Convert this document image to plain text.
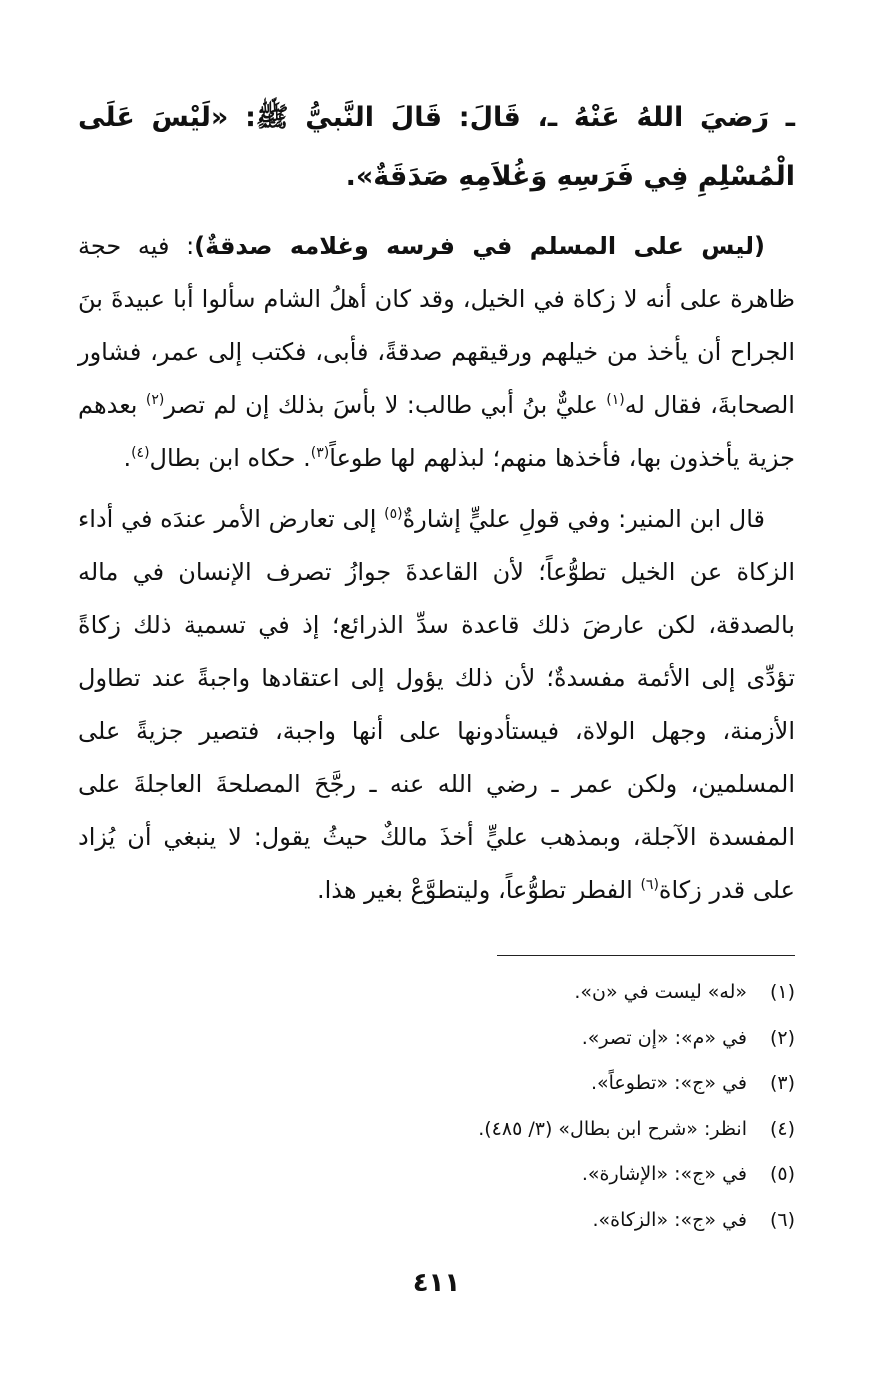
ـ رَضيَ اللهُ عَنْهُ ـ، قَالَ: قَالَ النَّبيُّ ﷺ: «لَيْسَ عَلَى الْمُسْلِمِ فِي فَرَسِهِ وَغُلاَمِهِ صَدَقَةٌ».

(ليس على المسلم في فرسه وغلامه صدقةٌ): فيه حجة ظاهرة على أنه لا زكاة في الخيل، وقد كان أهلُ الشام سألوا أبا عبيدةَ بنَ الجراح أن يأخذ من خيلهم ورقيقهم صدقةً، فأبى، فكتب إلى عمر، فشاور الصحابةَ، فقال له$^{(١)}$ عليٌّ بنُ أبي طالب: لا بأسَ بذلك إن لم تصر$^{(٢)}$ بعدهم جزية يأخذون بها، فأخذها منهم؛ لبذلهم لها طوعاً$^{(٣)}$. حكاه ابن بطال$^{(٤)}$.

قال ابن المنير: وفي قولِ عليٍّ إشارةٌ$^{(٥)}$ إلى تعارض الأمر عندَه في أداء الزكاة عن الخيل تطوُّعاً؛ لأن القاعدةَ جوازُ تصرف الإنسان في ماله بالصدقة، لكن عارضَ ذلك قاعدة سدِّ الذرائع؛ إذ في تسمية ذلك زكاةً تؤدِّى إلى الأئمة مفسدةٌ؛ لأن ذلك يؤول إلى اعتقادها واجبةً عند تطاول الأزمنة، وجهل الولاة، فيستأدونها على أنها واجبة، فتصير جزيةً على المسلمين، ولكن عمر ـ رضي الله عنه ـ رجَّحَ المصلحةَ العاجلةَ على المفسدة الآجلة، وبمذهب عليٍّ أخذَ مالكٌ حيثُ يقول: لا ينبغي أن يُزاد على قدر زكاة$^{(٦)}$ الفطر تطوُّعاً، وليتطوَّعْ بغير هذا.

(١)«له» ليست في «ن».
(٢)في «م»: «إن تصر».
(٣)في «ج»: «تطوعاً».
(٤)انظر: «شرح ابن بطال» (٣/ ٤٨٥).
(٥)في «ج»: «الإشارة».
(٦)في «ج»: «الزكاة».
٤١١
